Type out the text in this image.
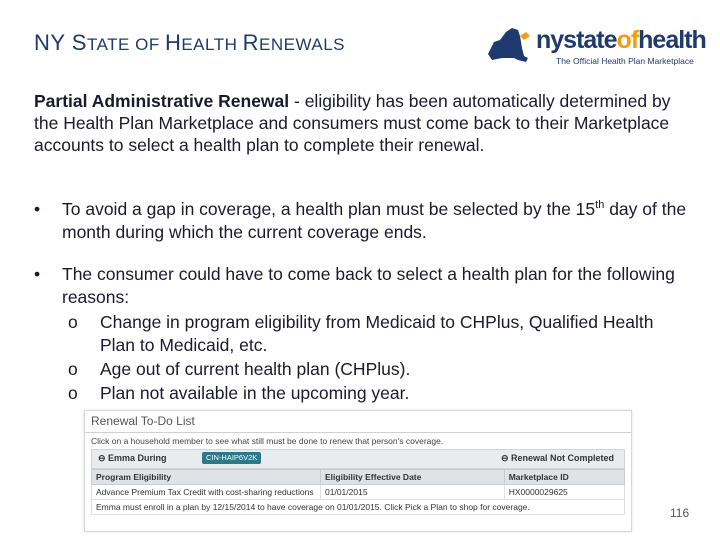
NY STATE OF HEALTH RENEWALS	nystateofhealth
The Official Health Plan Marketplace
Partial Administrative Renewal - eligibility has been automatically determined by the Health Plan Marketplace and consumers must come back to their Marketplace accounts to select a health plan to complete their renewal.
• To avoid a gap in coverage, a health plan must be selected by the 15th day of the month during which the current coverage ends.
• The consumer could have to come back to select a health plan for the following reasons:
o Change in program eligibility from Medicaid to CHPlus, Qualified Health Plan to Medicaid, etc.
o Age out of current health plan (CHPlus).
o Plan not available in the upcoming year.
Renewal To-Do List
Click on a household member to see what still must be done to renew that person's coverage.
⊖ Emma During	CIN-HAIP6V2K	⊖ Renewal Not Completed
Program Eligibility	Eligibility Effective Date	Marketplace ID
Advance Premium Tax Credit with cost-sharing reductions	01/01/2015	HX0000029625
Emma must enroll in a plan by 12/15/2014 to have coverage on 01/01/2015. Click Pick a Plan to shop for coverage.	116
